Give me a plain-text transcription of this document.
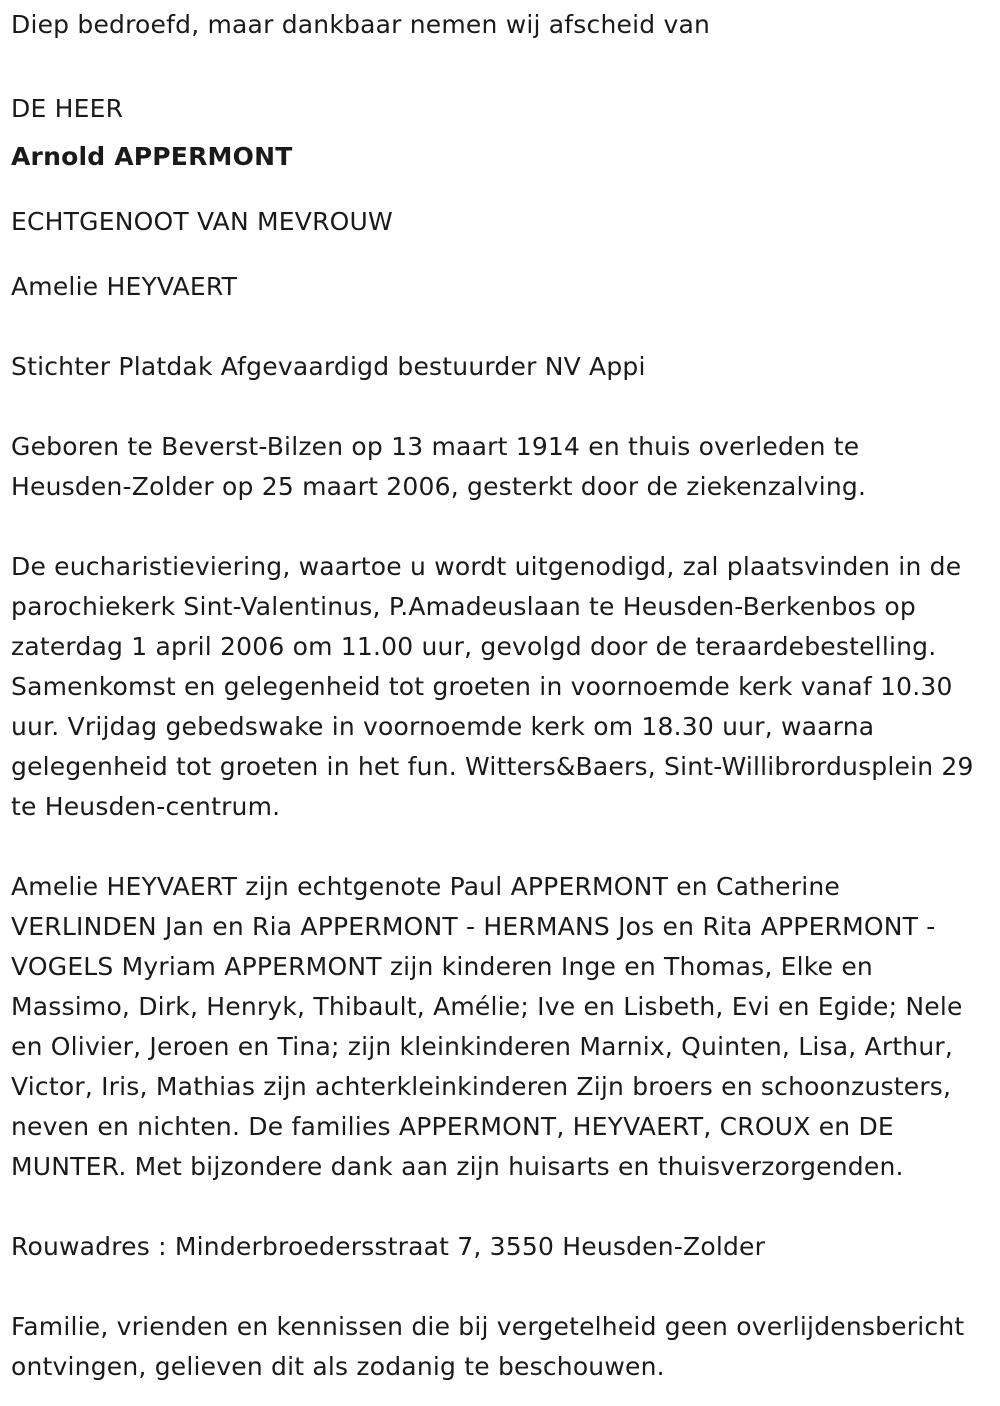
Diep bedroefd, maar dankbaar nemen wij afscheid van

DE HEER

Arnold APPERMONT

ECHTGENOOT VAN MEVROUW

Amelie HEYVAERT

Stichter Platdak Afgevaardigd bestuurder NV Appi

Geboren te Beverst-Bilzen op 13 maart 1914 en thuis overleden te Heusden-Zolder op 25 maart 2006, gesterkt door de ziekenzalving.

De eucharistieviering, waartoe u wordt uitgenodigd, zal plaatsvinden in de parochiekerk Sint-Valentinus, P.Amadeuslaan te Heusden-Berkenbos op zaterdag 1 april 2006 om 11.00 uur, gevolgd door de teraardebestelling. Samenkomst en gelegenheid tot groeten in voornoemde kerk vanaf 10.30 uur. Vrijdag gebedswake in voornoemde kerk om 18.30 uur, waarna gelegenheid tot groeten in het fun. Witters&Baers, Sint-Willibrordusplein 29 te Heusden-centrum.

Amelie HEYVAERT zijn echtgenote Paul APPERMONT en Catherine VERLINDEN Jan en Ria APPERMONT - HERMANS Jos en Rita APPERMONT - VOGELS Myriam APPERMONT zijn kinderen Inge en Thomas, Elke en Massimo, Dirk, Henryk, Thibault, Amélie; Ive en Lisbeth, Evi en Egide; Nele en Olivier, Jeroen en Tina; zijn kleinkinderen Marnix, Quinten, Lisa, Arthur, Victor, Iris, Mathias zijn achterkleinkinderen Zijn broers en schoonzusters, neven en nichten. De families APPERMONT, HEYVAERT, CROUX en DE MUNTER. Met bijzondere dank aan zijn huisarts en thuisverzorgenden.

Rouwadres : Minderbroedersstraat 7, 3550 Heusden-Zolder

Familie, vrienden en kennissen die bij vergetelheid geen overlijdensbericht ontvingen, gelieven dit als zodanig te beschouwen.
